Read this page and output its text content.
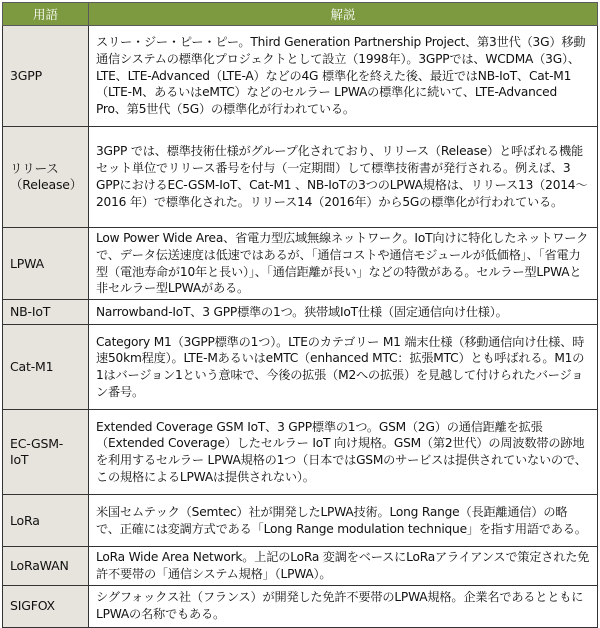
用語	解説
3GPP	スリー・ジー・ピー・ピー。Third Generation Partnership Project、第3世代（3G）移動通信システムの標準化プロジェクトとして設立（1998年）。3GPPでは、WCDMA（3G）、LTE、LTE-Advanced（LTE-A）などの4G 標準化を終えた後、最近ではNB-IoT、Cat-M1（LTE-M、あるいはeMTC）などのセルラー LPWAの標準化に続いて、LTE-Advanced Pro、第5世代（5G）の標準化が行われている。
リリース（Release）	3GPP では、標準技術仕様がグループ化されており、リリース（Release）と呼ばれる機能セット単位でリリース番号を付与（一定期間）して標準技術書が発行される。例えば、3 GPPにおけるEC-GSM-IoT、Cat-M1 、NB-IoTの3つのLPWA規格は、リリース13（2014～2016 年）で標準化された。リリース14（2016年）から5Gの標準化が行われている。
LPWA	Low Power Wide Area、省電力型広域無線ネットワーク。IoT向けに特化したネットワークで、データ伝送速度は低速ではあるが、「通信コストや通信モジュールが低価格」、「省電力型（電池寿命が10年と長い）」、「通信距離が長い」などの特徴がある。セルラー型LPWAと非セルラー型LPWAがある。
NB-IoT	Narrowband-IoT、3 GPP標準の1つ。狭帯域IoT仕様（固定通信向け仕様）。
Cat-M1	Category M1（3GPP標準の1つ）。LTEのカテゴリー M1 端末仕様（移動通信向け仕様、時速50km程度）。LTE-MあるいはeMTC（enhanced MTC：拡張MTC）とも呼ばれる。M1の1はバージョン1という意味で、今後の拡張（M2への拡張）を見越して付けられたバージョン番号。
EC-GSM-IoT	Extended Coverage GSM IoT、3 GPP標準の1つ。GSM（2G）の通信距離を拡張（Extended Coverage）したセルラー IoT 向け規格。GSM（第2世代）の周波数帯の跡地を利用するセルラー LPWA規格の1つ（日本ではGSMのサービスは提供されていないので、この規格によるLPWAは提供されない）。
LoRa	米国セムテック（Semtec）社が開発したLPWA技術。Long Range（長距離通信）の略で、正確には変調方式である「Long Range modulation technique」を指す用語である。
LoRaWAN	LoRa Wide Area Network。上記のLoRa 変調をベースにLoRaアライアンスで策定された免許不要帯の「通信システム規格」（LPWA）。
SIGFOX	シグフォックス社（フランス）が開発した免許不要帯のLPWA規格。企業名であるとともにLPWAの名称でもある。
